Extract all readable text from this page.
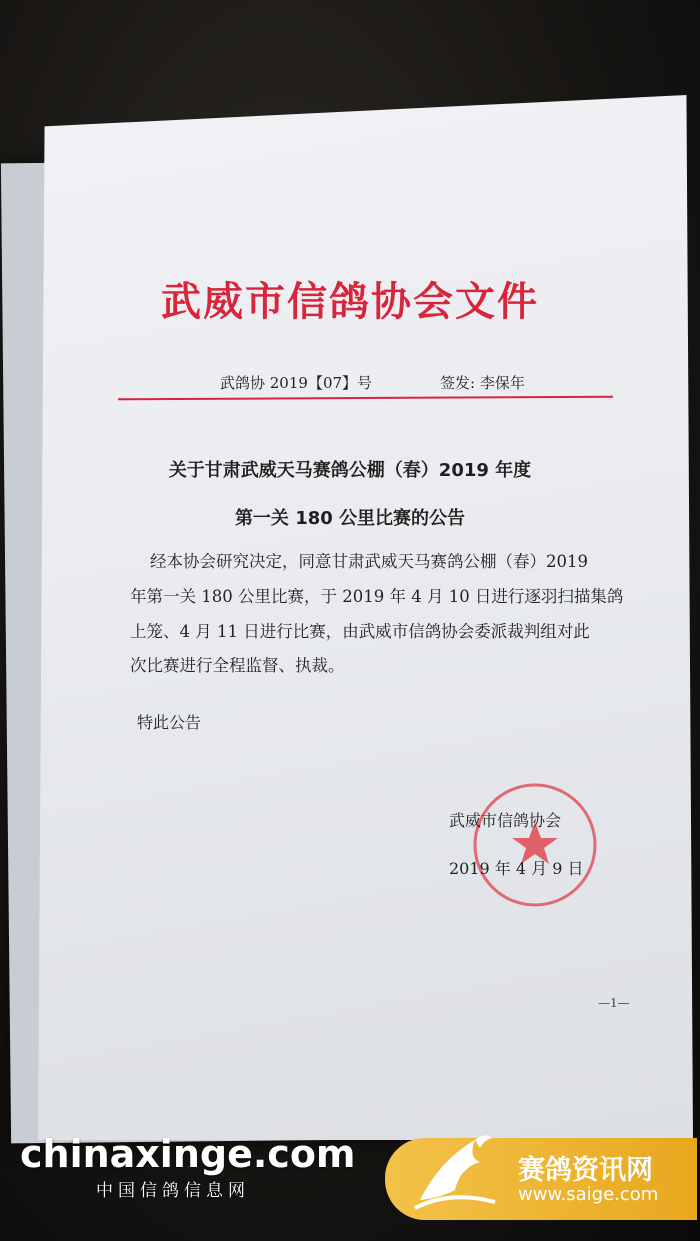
武威市信鸽协会文件
武鸽协 2019【07】号	签发: 李保年
关于甘肃武威天马赛鸽公棚（春）2019 年度
第一关 180 公里比赛的公告
经本协会研究决定，同意甘肃武威天马赛鸽公棚（春）2019
年第一关 180 公里比赛，于 2019 年 4 月 10 日进行逐羽扫描集鸽
上笼、4 月 11 日进行比赛，由武威市信鸽协会委派裁判组对此
次比赛进行全程监督、执裁。
特此公告
武威市信鸽协会
2019 年 4 月 9 日
—1—
chinaxinge.com
中国信鸽信息网
赛鸽资讯网
www.saige.com
